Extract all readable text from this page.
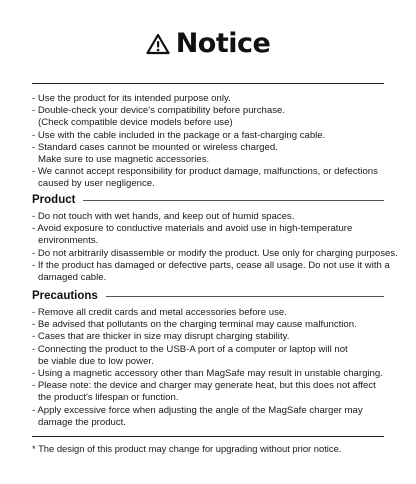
Notice
- Use the product for its intended purpose only.
- Double-check your device's compatibility before purchase.
(Check compatible device models before use)
- Use with the cable included in the package or a fast-charging cable.
- Standard cases cannot be mounted or wireless charged.
Make sure to use magnetic accessories.
- We cannot accept responsibility for product damage, malfunctions, or defections
caused by user negligence.
Product
- Do not touch with wet hands, and keep out of humid spaces.
- Avoid exposure to conductive materials and avoid use in high-temperature
environments.
- Do not arbitrarily disassemble or modify the product. Use only for charging purposes.
- If the product has damaged or defective parts, cease all usage. Do not use it with a
damaged cable.
Precautions
- Remove all credit cards and metal accessories before use.
- Be advised that pollutants on the charging terminal may cause malfunction.
- Cases that are thicker in size may disrupt charging stability.
- Connecting the product to the USB-A port of a computer or laptop will not
be viable due to low power.
- Using a magnetic accessory other than MagSafe may result in unstable charging.
- Please note: the device and charger may generate heat, but this does not affect
the product's lifespan or function.
- Apply excessive force when adjusting the angle of the MagSafe charger may
damage the product.
* The design of this product may change for upgrading without prior notice.
